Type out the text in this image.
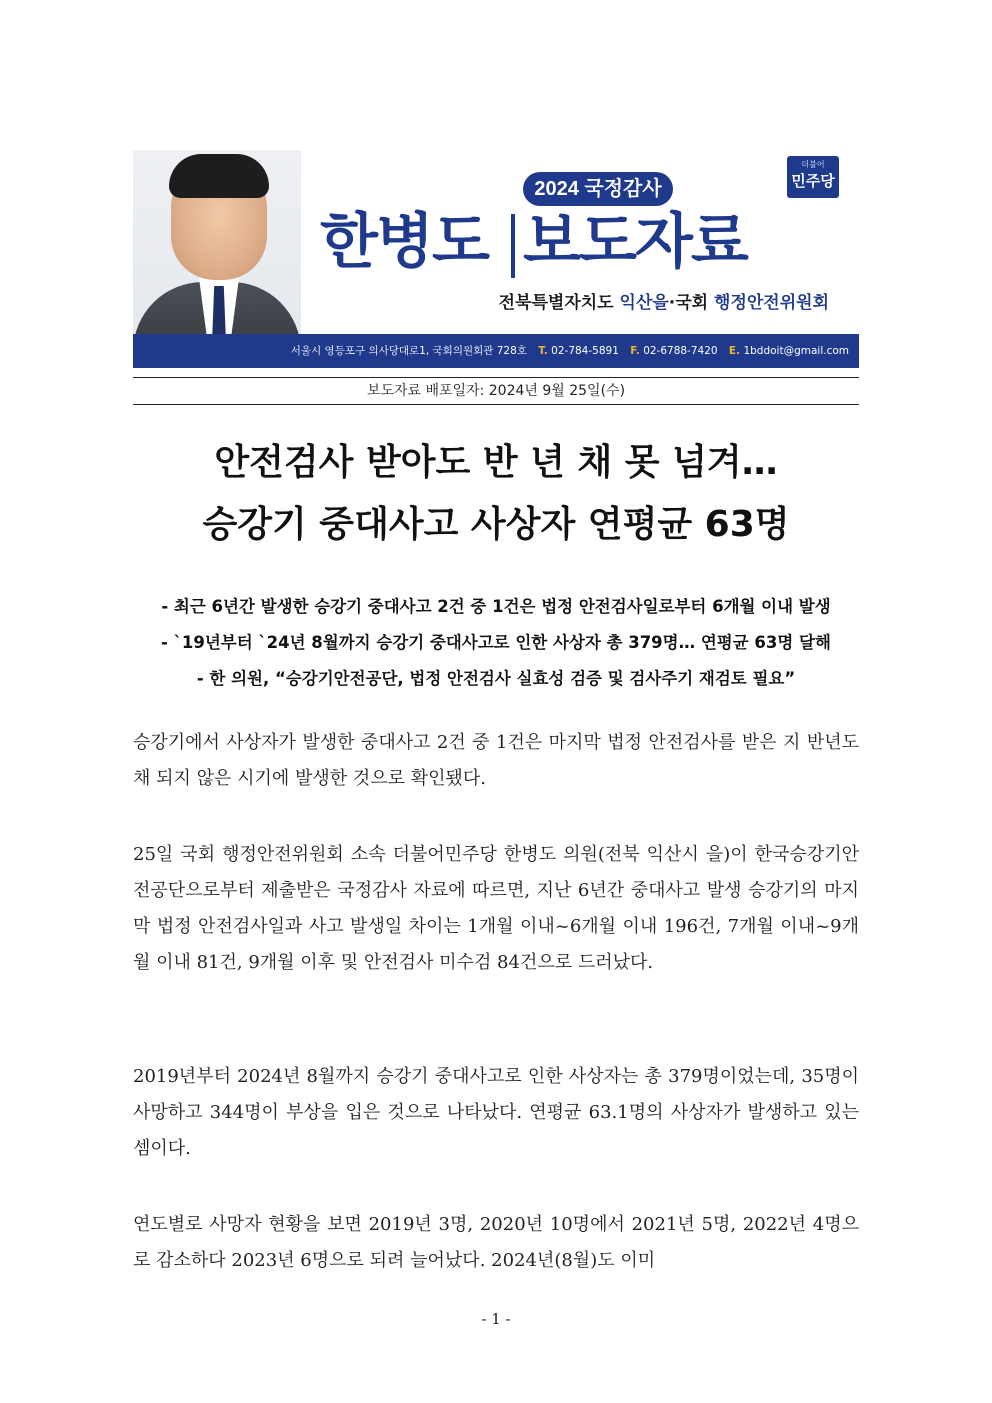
2024 국정감사
더불어
민주당
한병도 보도자료
전북특별자치도 익산을·국회 행정안전위원회
서울시 영등포구 의사당대로1, 국회의원회관 728호 T. 02-784-5891 F. 02-6788-7420 E. 1bddoit@gmail.com
보도자료 배포일자: 2024년 9월 25일(수)
안전검사 받아도 반 년 채 못 넘겨…
승강기 중대사고 사상자 연평균 63명
- 최근 6년간 발생한 승강기 중대사고 2건 중 1건은 법정 안전검사일로부터 6개월 이내 발생
- `19년부터 `24년 8월까지 승강기 중대사고로 인한 사상자 총 379명… 연평균 63명 달해
- 한 의원, “승강기안전공단, 법정 안전검사 실효성 검증 및 검사주기 재검토 필요”
승강기에서 사상자가 발생한 중대사고 2건 중 1건은 마지막 법정 안전검사를 받은 지 반년도 채 되지 않은 시기에 발생한 것으로 확인됐다.
25일 국회 행정안전위원회 소속 더불어민주당 한병도 의원(전북 익산시 을)이 한국승강기안전공단으로부터 제출받은 국정감사 자료에 따르면, 지난 6년간 중대사고 발생 승강기의 마지막 법정 안전검사일과 사고 발생일 차이는 1개월 이내~6개월 이내 196건, 7개월 이내~9개월 이내 81건, 9개월 이후 및 안전검사 미수검 84건으로 드러났다.
2019년부터 2024년 8월까지 승강기 중대사고로 인한 사상자는 총 379명이었는데, 35명이 사망하고 344명이 부상을 입은 것으로 나타났다. 연평균 63.1명의 사상자가 발생하고 있는 셈이다.
연도별로 사망자 현황을 보면 2019년 3명, 2020년 10명에서 2021년 5명, 2022년 4명으로 감소하다 2023년 6명으로 되려 늘어났다. 2024년(8월)도 이미
- 1 -
